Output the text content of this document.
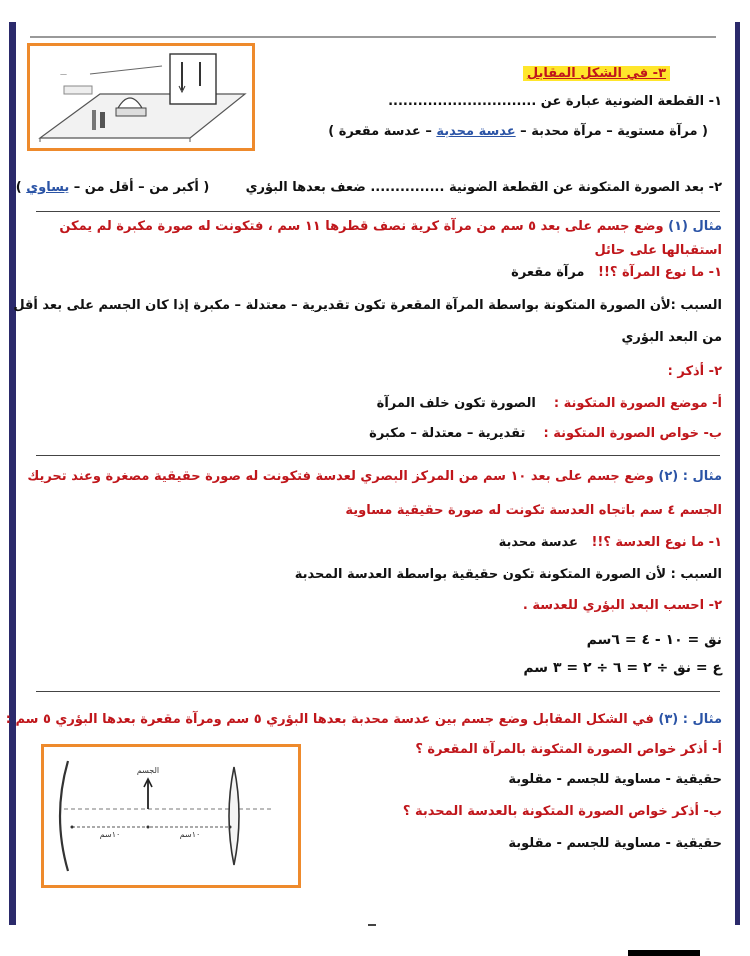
—	٣- في الشكل المقابل
١- القطعة الضونية عبارة عن ..............................
( مرآة مستوية – مرآة محدبة – عدسة محدبة – عدسة مقعرة )
٢- بعد الصورة المتكونة عن القطعة الضونية ............... ضعف بعدها البؤري        ( أكبر من – أقل من – يساوي )
مثال (١) وضع جسم على بعد ٥ سم من مرآة كرية نصف قطرها ١١ سم ، فتكونت له صورة مكبرة لم يمكن
استقبالها على حائل
١- ما نوع المرآة ؟!!   مرآة مقعرة
السبب :لأن الصورة المتكونة بواسطة المرآة المقعرة تكون تقديرية – معتدلة – مكبرة إذا كان الجسم على بعد أقل
من البعد البؤري
٢- أذكر :
أ- موضع الصورة المتكونة :    الصورة تكون خلف المرآة
ب- خواص الصورة المتكونة :    تقديرية – معتدلة – مكبرة
مثال : (٢) وضع جسم على بعد ١٠ سم من المركز البصري لعدسة فتكونت له صورة حقيقية مصغرة وعند تحريك
الجسم ٤ سم باتجاه العدسة تكونت له صورة حقيقية مساوية
١- ما نوع العدسة ؟!!   عدسة محدبة
السبب : لأن الصورة المتكونة تكون حقيقية بواسطة العدسة المحدبة
٢- احسب البعد البؤري للعدسة .
نق = ١٠ - ٤ = ٦سم
ع = نق ÷ ٢ = ٦ ÷ ٢ = ٣ سم
مثال : (٣) في الشكل المقابل وضع جسم بين عدسة محدبة بعدها البؤري ٥ سم ومرآة مقعرة بعدها البؤري ٥ سم :
أ- أذكر خواص الصورة المتكونة بالمرآة المقعرة ؟
حقيقية - مساوية للجسم - مقلوبة
ب- أذكر خواص الصورة المتكونة بالعدسة المحدبة ؟
حقيقية - مساوية للجسم - مقلوبة
الجسم
١٠سم	١٠سم
